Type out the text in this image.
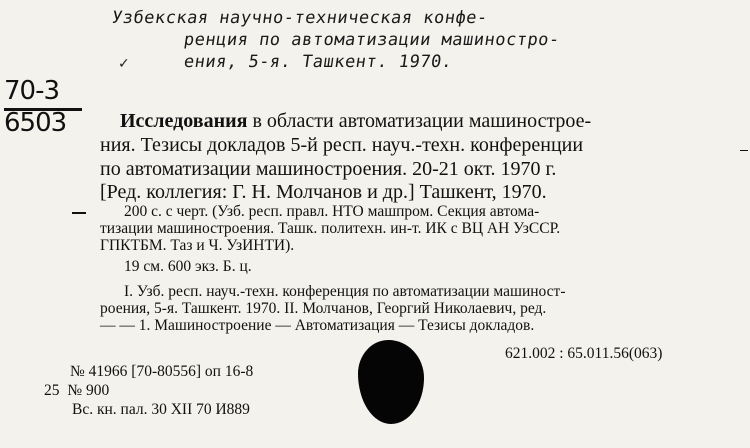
Узбекская научно-техническая конфе-
ренция по автоматизации машиностро-
ения, 5-я. Ташкент. 1970.
70-3
6503	Исследования в области автоматизации машинострое-
ния. Тезисы докладов 5-й респ. науч.-техн. конференции
по автоматизации машиностроения. 20-21 окт. 1970 г.
[Ред. коллегия: Г. Н. Молчанов и др.] Ташкент, 1970.
200 с. с черт. (Узб. респ. правл. НТО машпром. Секция автома-
тизации машиностроения. Ташк. политехн. ин-т. ИК с ВЦ АН УзССР.
ГПКТБМ. Таз и Ч. УзИНТИ).
19 см. 600 экз. Б. ц.
I. Узб. респ. науч.-техн. конференция по автоматизации машиност-
роения, 5-я. Ташкент. 1970. II. Молчанов, Георгий Николаевич, ред.
— — 1. Машиностроение — Автоматизация — Тезисы докладов.
621.002 : 65.011.56(063)
№ 41966 [70-80556] оп 16-8
25 № 900
Вс. кн. пал. 30 XII 70 И889
✓
